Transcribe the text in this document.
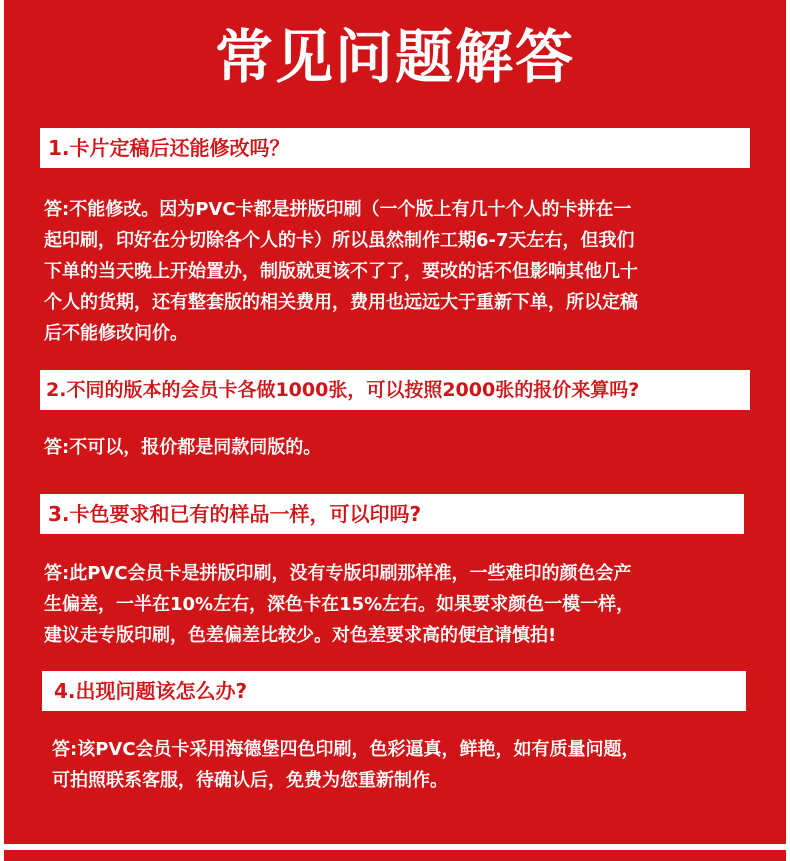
常见问题解答
1.卡片定稿后还能修改吗？
答:不能修改。因为PVC卡都是拼版印刷（一个版上有几十个人的卡拼在一
起印刷，印好在分切除各个人的卡）所以虽然制作工期6-7天左右，但我们
下单的当天晚上开始置办，制版就更该不了了，要改的话不但影响其他几十
个人的货期，还有整套版的相关费用，费用也远远大于重新下单，所以定稿
后不能修改问价。
2.不同的版本的会员卡各做1000张，可以按照2000张的报价来算吗?
答:不可以，报价都是同款同版的。
3.卡色要求和已有的样品一样，可以印吗?
答:此PVC会员卡是拼版印刷，没有专版印刷那样准，一些难印的颜色会产
生偏差，一半在10%左右，深色卡在15%左右。如果要求颜色一模一样，
建议走专版印刷，色差偏差比较少。对色差要求高的便宜请慎拍!
4.出现问题该怎么办?
答:该PVC会员卡采用海德堡四色印刷，色彩逼真，鲜艳，如有质量问题，
可拍照联系客服，待确认后，免费为您重新制作。
